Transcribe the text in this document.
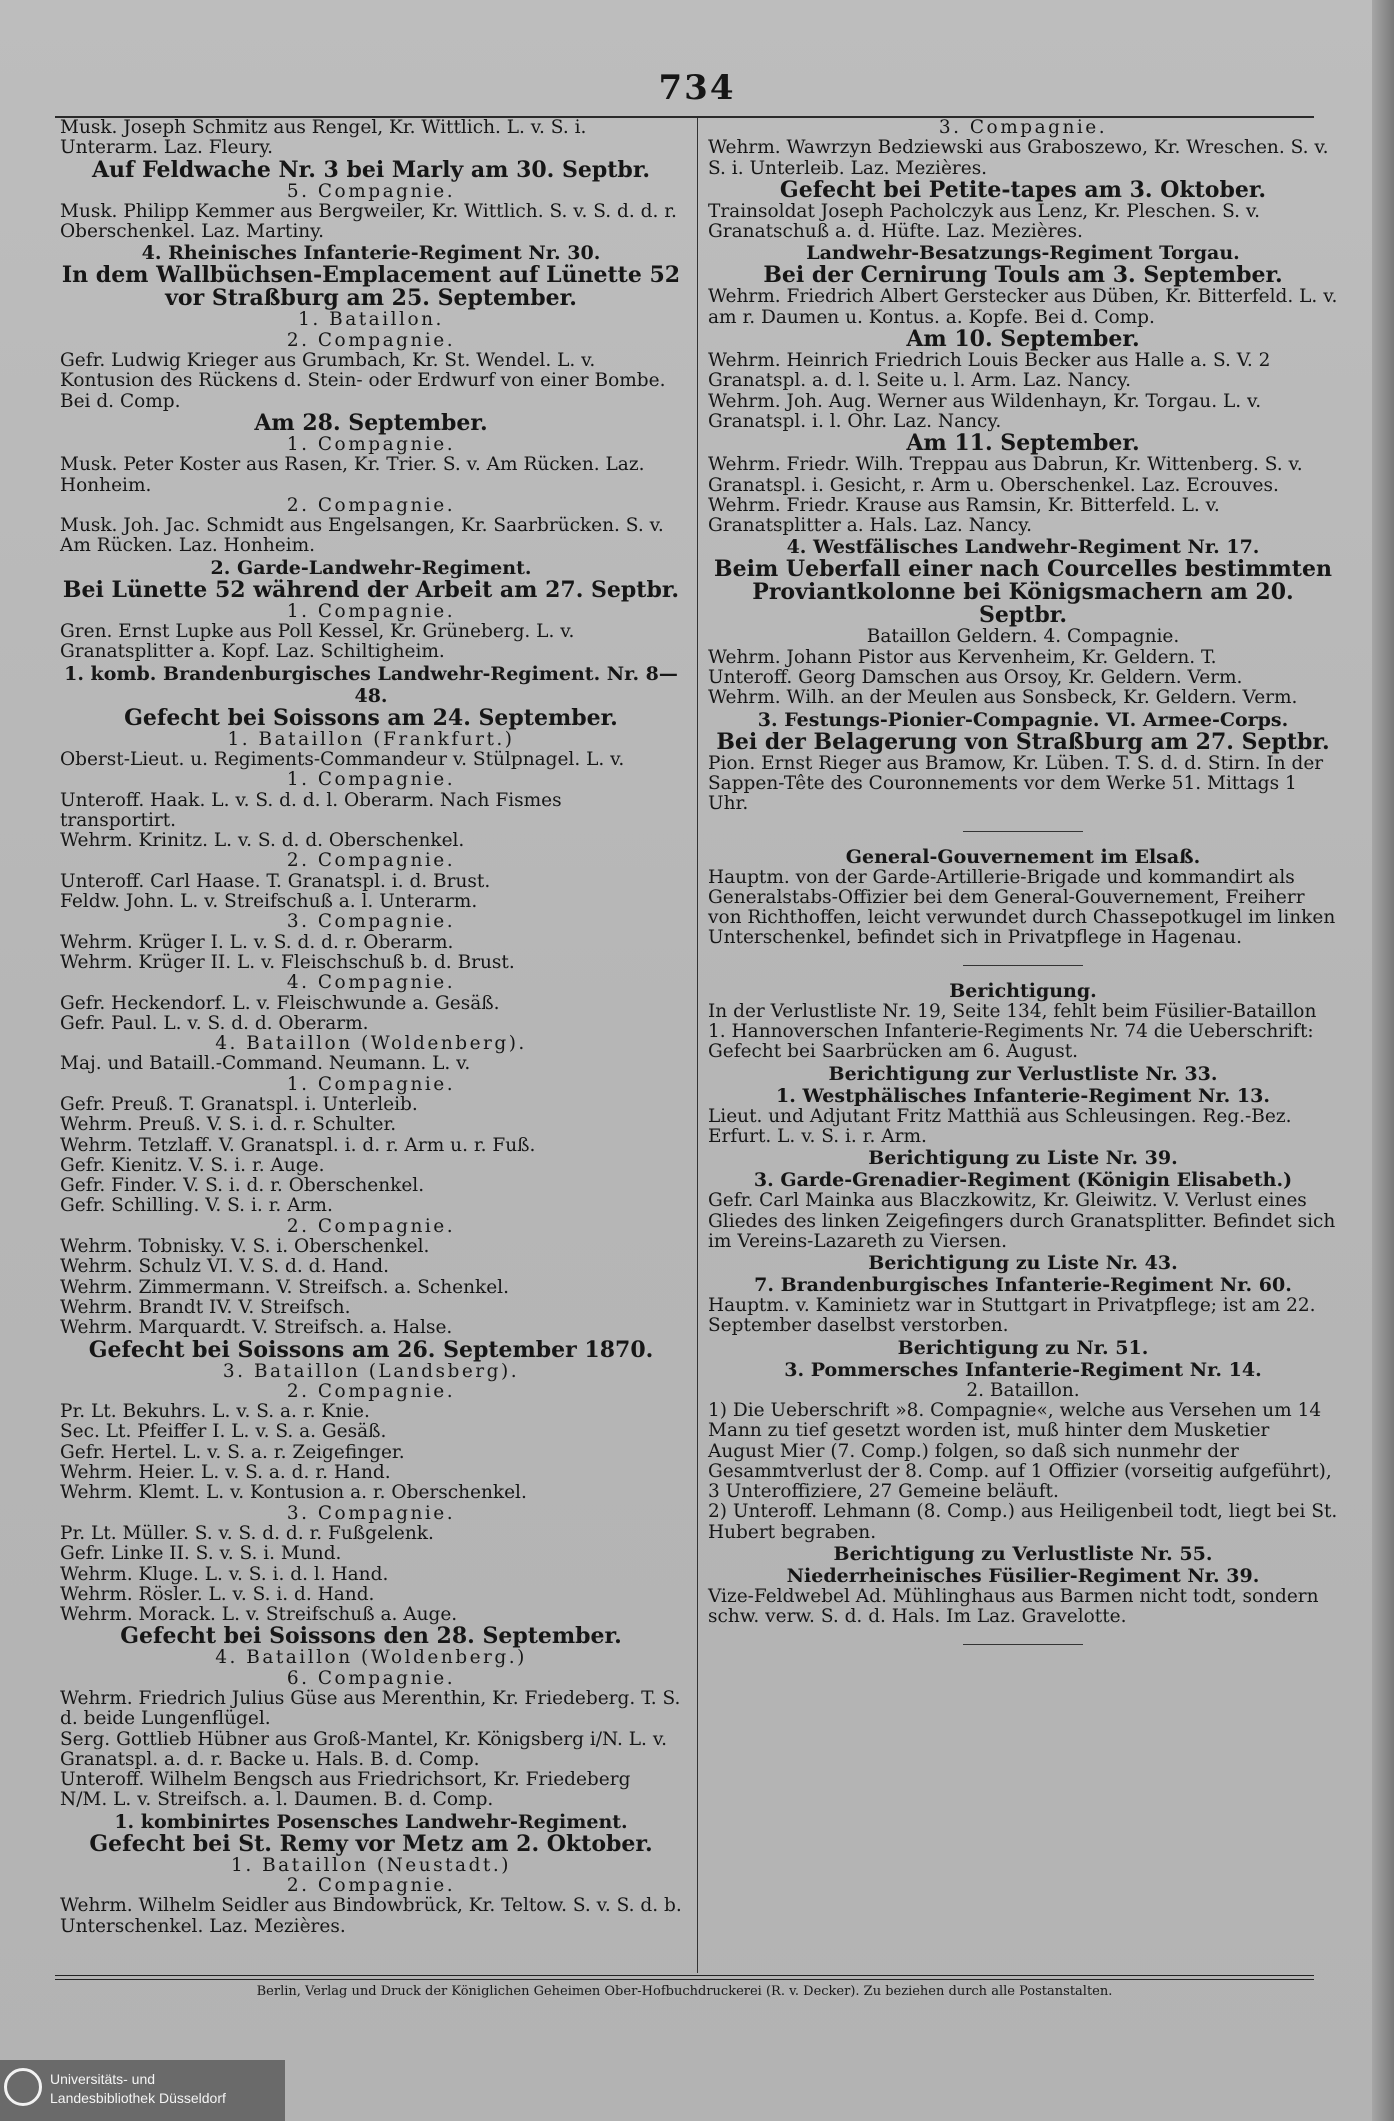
734

Musk. Joseph Schmitz aus Rengel, Kr. Wittlich. L. v. S. i. Unterarm. Laz. Fleury.

Auf Feldwache Nr. 3 bei Marly am 30. Septbr.

5. Compagnie.

Musk. Philipp Kemmer aus Bergweiler, Kr. Wittlich. S. v. S. d. d. r. Oberschenkel. Laz. Martiny.

4. Rheinisches Infanterie-Regiment Nr. 30.

In dem Wallbüchsen-Emplacement auf Lünette 52 vor Straßburg am 25. September.

1. Bataillon.

2. Compagnie.

Gefr. Ludwig Krieger aus Grumbach, Kr. St. Wendel. L. v. Kontusion des Rückens d. Stein- oder Erdwurf von einer Bombe. Bei d. Comp.

Am 28. September.

1. Compagnie.

Musk. Peter Koster aus Rasen, Kr. Trier. S. v. Am Rücken. Laz. Honheim.

2. Compagnie.

Musk. Joh. Jac. Schmidt aus Engelsangen, Kr. Saarbrücken. S. v. Am Rücken. Laz. Honheim.

2. Garde-Landwehr-Regiment.

Bei Lünette 52 während der Arbeit am 27. Septbr.

1. Compagnie.

Gren. Ernst Lupke aus Poll Kessel, Kr. Grüneberg. L. v. Granatsplitter a. Kopf. Laz. Schiltigheim.

1. komb. Brandenburgisches Landwehr-Regiment. Nr. 8—48.

Gefecht bei Soissons am 24. September.

1. Bataillon (Frankfurt.)

Oberst-Lieut. u. Regiments-Commandeur v. Stülpnagel. L. v.

1. Compagnie.

Unteroff. Haak. L. v. S. d. d. l. Oberarm. Nach Fismes transportirt.

Wehrm. Krinitz. L. v. S. d. d. Oberschenkel.

2. Compagnie.

Unteroff. Carl Haase. T. Granatspl. i. d. Brust.

Feldw. John. L. v. Streifschuß a. l. Unterarm.

3. Compagnie.

Wehrm. Krüger I. L. v. S. d. d. r. Oberarm.

Wehrm. Krüger II. L. v. Fleischschuß b. d. Brust.

4. Compagnie.

Gefr. Heckendorf. L. v. Fleischwunde a. Gesäß.

Gefr. Paul. L. v. S. d. d. Oberarm.

4. Bataillon (Woldenberg).

Maj. und Bataill.-Command. Neumann. L. v.

1. Compagnie.

Gefr. Preuß. T. Granatspl. i. Unterleib.

Wehrm. Preuß. V. S. i. d. r. Schulter.

Wehrm. Tetzlaff. V. Granatspl. i. d. r. Arm u. r. Fuß.

Gefr. Kienitz. V. S. i. r. Auge.

Gefr. Finder. V. S. i. d. r. Oberschenkel.

Gefr. Schilling. V. S. i. r. Arm.

2. Compagnie.

Wehrm. Tobnisky. V. S. i. Oberschenkel.

Wehrm. Schulz VI. V. S. d. d. Hand.

Wehrm. Zimmermann. V. Streifsch. a. Schenkel.

Wehrm. Brandt IV. V. Streifsch.

Wehrm. Marquardt. V. Streifsch. a. Halse.

Gefecht bei Soissons am 26. September 1870.

3. Bataillon (Landsberg).

2. Compagnie.

Pr. Lt. Bekuhrs. L. v. S. a. r. Knie.

Sec. Lt. Pfeiffer I. L. v. S. a. Gesäß.

Gefr. Hertel. L. v. S. a. r. Zeigefinger.

Wehrm. Heier. L. v. S. a. d. r. Hand.

Wehrm. Klemt. L. v. Kontusion a. r. Oberschenkel.

3. Compagnie.

Pr. Lt. Müller. S. v. S. d. d. r. Fußgelenk.

Gefr. Linke II. S. v. S. i. Mund.

Wehrm. Kluge. L. v. S. i. d. l. Hand.

Wehrm. Rösler. L. v. S. i. d. Hand.

Wehrm. Morack. L. v. Streifschuß a. Auge.

Gefecht bei Soissons den 28. September.

4. Bataillon (Woldenberg.)

6. Compagnie.

Wehrm. Friedrich Julius Güse aus Merenthin, Kr. Friedeberg. T. S. d. beide Lungenflügel.

Serg. Gottlieb Hübner aus Groß-Mantel, Kr. Königsberg i/N. L. v. Granatspl. a. d. r. Backe u. Hals. B. d. Comp.

Unteroff. Wilhelm Bengsch aus Friedrichsort, Kr. Friedeberg N/M. L. v. Streifsch. a. l. Daumen. B. d. Comp.

1. kombinirtes Posensches Landwehr-Regiment.

Gefecht bei St. Remy vor Metz am 2. Oktober.

1. Bataillon (Neustadt.)

2. Compagnie.

Wehrm. Wilhelm Seidler aus Bindowbrück, Kr. Teltow. S. v. S. d. b. Unterschenkel. Laz. Mezières.

3. Compagnie.

Wehrm. Wawrzyn Bedziewski aus Graboszewo, Kr. Wreschen. S. v. S. i. Unterleib. Laz. Mezières.

Gefecht bei Petite-tapes am 3. Oktober.

Trainsoldat Joseph Pacholczyk aus Lenz, Kr. Pleschen. S. v. Granatschuß a. d. Hüfte. Laz. Mezières.

Landwehr-Besatzungs-Regiment Torgau.

Bei der Cernirung Touls am 3. September.

Wehrm. Friedrich Albert Gerstecker aus Düben, Kr. Bitterfeld. L. v. am r. Daumen u. Kontus. a. Kopfe. Bei d. Comp.

Am 10. September.

Wehrm. Heinrich Friedrich Louis Becker aus Halle a. S. V. 2 Granatspl. a. d. l. Seite u. l. Arm. Laz. Nancy.

Wehrm. Joh. Aug. Werner aus Wildenhayn, Kr. Torgau. L. v. Granatspl. i. l. Ohr. Laz. Nancy.

Am 11. September.

Wehrm. Friedr. Wilh. Treppau aus Dabrun, Kr. Wittenberg. S. v. Granatspl. i. Gesicht, r. Arm u. Oberschenkel. Laz. Ecrouves.

Wehrm. Friedr. Krause aus Ramsin, Kr. Bitterfeld. L. v. Granatsplitter a. Hals. Laz. Nancy.

4. Westfälisches Landwehr-Regiment Nr. 17.

Beim Ueberfall einer nach Courcelles bestimmten Proviantkolonne bei Königsmachern am 20. Septbr.

Bataillon Geldern. 4. Compagnie.

Wehrm. Johann Pistor aus Kervenheim, Kr. Geldern. T.

Unteroff. Georg Damschen aus Orsoy, Kr. Geldern. Verm.

Wehrm. Wilh. an der Meulen aus Sonsbeck, Kr. Geldern. Verm.

3. Festungs-Pionier-Compagnie. VI. Armee-Corps.

Bei der Belagerung von Straßburg am 27. Septbr.

Pion. Ernst Rieger aus Bramow, Kr. Lüben. T. S. d. d. Stirn. In der Sappen-Tête des Couronnements vor dem Werke 51. Mittags 1 Uhr.

General-Gouvernement im Elsaß.

Hauptm. von der Garde-Artillerie-Brigade und kommandirt als Generalstabs-Offizier bei dem General-Gouvernement, Freiherr von Richthoffen, leicht verwundet durch Chassepotkugel im linken Unterschenkel, befindet sich in Privatpflege in Hagenau.

Berichtigung.

In der Verlustliste Nr. 19, Seite 134, fehlt beim Füsilier-Bataillon 1. Hannoverschen Infanterie-Regiments Nr. 74 die Ueberschrift: Gefecht bei Saarbrücken am 6. August.

Berichtigung zur Verlustliste Nr. 33.

1. Westphälisches Infanterie-Regiment Nr. 13.

Lieut. und Adjutant Fritz Matthiä aus Schleusingen. Reg.-Bez. Erfurt. L. v. S. i. r. Arm.

Berichtigung zu Liste Nr. 39.

3. Garde-Grenadier-Regiment (Königin Elisabeth.)

Gefr. Carl Mainka aus Blaczkowitz, Kr. Gleiwitz. V. Verlust eines Gliedes des linken Zeigefingers durch Granatsplitter. Befindet sich im Vereins-Lazareth zu Viersen.

Berichtigung zu Liste Nr. 43.

7. Brandenburgisches Infanterie-Regiment Nr. 60.

Hauptm. v. Kaminietz war in Stuttgart in Privatpflege; ist am 22. September daselbst verstorben.

Berichtigung zu Nr. 51.

3. Pommersches Infanterie-Regiment Nr. 14.

2. Bataillon.

1) Die Ueberschrift »8. Compagnie«, welche aus Versehen um 14 Mann zu tief gesetzt worden ist, muß hinter dem Musketier August Mier (7. Comp.) folgen, so daß sich nunmehr der Gesammtverlust der 8. Comp. auf 1 Offizier (vorseitig aufgeführt), 3 Unteroffiziere, 27 Gemeine beläuft.

2) Unteroff. Lehmann (8. Comp.) aus Heiligenbeil todt, liegt bei St. Hubert begraben.

Berichtigung zu Verlustliste Nr. 55.

Niederrheinisches Füsilier-Regiment Nr. 39.

Vize-Feldwebel Ad. Mühlinghaus aus Barmen nicht todt, sondern schw. verw. S. d. d. Hals. Im Laz. Gravelotte.

Berlin, Verlag und Druck der Königlichen Geheimen Ober-Hofbuchdruckerei (R. v. Decker). Zu beziehen durch alle Postanstalten.
Universitäts- und
Landesbibliothek Düsseldorf
